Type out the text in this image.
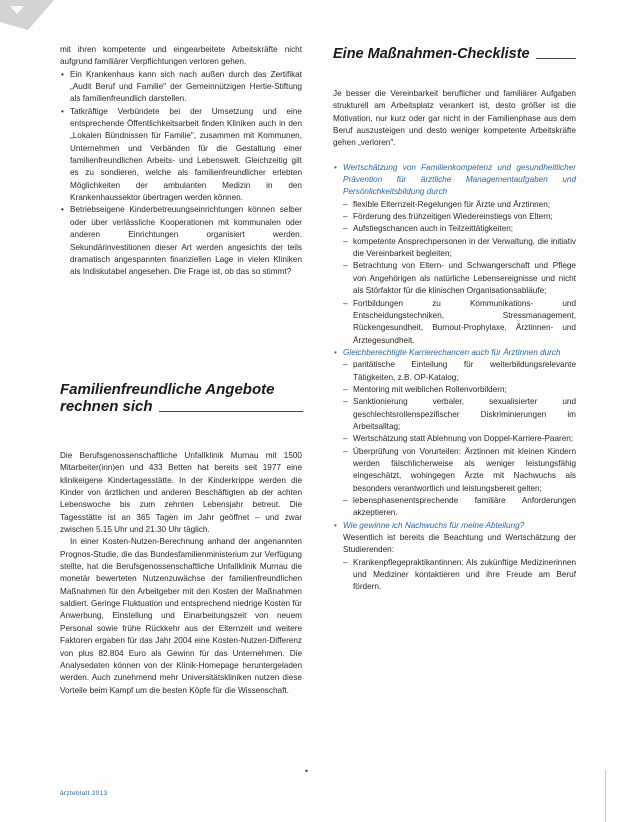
mit ihren kompetente und eingearbeitete Arbeitskräfte nicht aufgrund familiärer Verpflichtungen verloren gehen.

• Ein Krankenhaus kann sich nach außen durch das Zertifikat „Audit Beruf und Familie" der Gemeinnützigen Hertie-Stiftung als familienfreundlich darstellen.
• Tatkräftige Verbündete bei der Umsetzung und eine entsprechende Öffentlichkeitsarbeit finden Kliniken auch in den „Lokalen Bündnissen für Familie", zusammen mit Kommunen, Unternehmen und Verbänden für die Gestaltung einer familienfreundlichen Arbeits- und Lebenswelt. Gleichzeitig gilt es zu sondieren, welche als familienfreundlicher erlebten Möglichkeiten der ambulanten Medizin in den Krankenhaussektor übertragen werden können.
• Betriebseigene Kinderbetreuungseinrichtungen können selber oder über verlässliche Kooperationen mit kommunalen oder anderen Einrichtungen organisiert werden. Sekundärinvestitionen dieser Art werden angesichts der teils dramatisch angespannten finanziellen Lage in vielen Kliniken als Indiskutabel angesehen. Die Frage ist, ob das so stimmt?
Familienfreundliche Angebote
rechnen sich

Die Berufsgenossenschaftliche Unfallklinik Murnau mit 1500 Mitarbeiter(inn)en und 433 Betten hat bereits seit 1977 eine klinikeigene Kindertagesstätte. In der Kinderkrippe werden die Kinder von ärztlichen und anderen Beschäftigten ab der achten Lebenswoche bis zum zehnten Lebensjahr betreut. Die Tagesstätte ist an 365 Tagen im Jahr geöffnet – und zwar zwischen 5.15 Uhr und 21.30 Uhr täglich.

In einer Kosten-Nutzen-Berechnung anhand der angenannten Prognos-Studie, die das Bundesfamilienministerium zur Verfügung stellte, hat die Berufsgenossenschaftliche Unfallklinik Murnau die monetär bewerteten Nutzenzuwächse der familienfreundlichen Maßnahmen für den Arbeitgeber mit den Kosten der Maßnahmen saldiert. Geringe Fluktuation und entsprechend niedrige Kosten für Anwerbung, Einstellung und Einarbeitungszeit von neuem Personal sowie frühe Rückkehr aus der Elternzeit und weitere Faktoren ergaben für das Jahr 2004 eine Kosten-Nutzen-Differenz von plus 82.804 Euro als Gewinn für das Unternehmen. Die Analysedaten können von der Klinik-Homepage heruntergeladen werden. Auch zunehmend mehr Universitätskliniken nutzen diese Vorteile beim Kampf um die besten Köpfe für die Wissenschaft.

Eine Maßnahmen-Checkliste

Je besser die Vereinbarkeit beruflicher und familiärer Aufgaben strukturell am Arbeitsplatz verankert ist, desto größer ist die Motivation, nur kurz oder gar nicht in der Familienphase aus dem Beruf auszusteigen und desto weniger kompetente Arbeitskräfte gehen „verloren".

• Wertschätzung von Familienkompetenz und gesundheitlicher Prävention für ärztliche Managementaufgaben und Persönlichkeitsbildung durch
– flexible Elternzeit-Regelungen für Ärzte und Ärztinnen;
– Förderung des frühzeitigen Wiedereinstiegs von Eltern;
– Aufstiegschancen auch in Teilzeittätigkeiten;
– kompetente Ansprechpersonen in der Verwaltung, die initiativ die Vereinbarkeit begleiten;
– Betrachtung von Eltern- und Schwangerschaft und Pflege von Angehörigen als natürliche Lebensereignisse und nicht als Störfaktor für die klinischen Organisationsabläufe;
– Fortbildungen zu Kommunikations- und Entscheidungstechniken, Stressmanagement, Rückengesundheit, Burnout-Prophylaxe, Ärztinnen- und Ärztegesundheit.
• Gleichberechtigte Karrierechancen auch für Ärztinnen durch
– paritätische Einteilung für weiterbildungsrelevante Tätigkeiten, z.B. OP-Katalog;
– Mentoring mit weiblichen Rollenvorbildern;
– Sanktionierung verbaler, sexualisierter und geschlechtsrollenspezifischer Diskriminierungen im Arbeitsalltag;
– Wertschätzung statt Ablehnung von Doppel-Karriere-Paaren;
– Überprüfung von Vorurteilen: Ärztinnen mit kleinen Kindern werden fälschlicherweise als weniger leistungsfähig eingeschätzt, wohingegen Ärzte mit Nachwuchs als besonders verantwortlich und leistungsbereit gelten;
– lebensphasenentsprechende familiäre Anforderungen akzeptieren.
• Wie gewinne ich Nachwuchs für meine Abteilung?

Wesentlich ist bereits die Beachtung und Wertschätzung der Studierenden:

– Krankenpflegepraktikantinnen: Als zukünftige Medizinerinnen und Mediziner kontaktieren und ihre Freude am Beruf fördern.
•
ärzteblatt 2013
